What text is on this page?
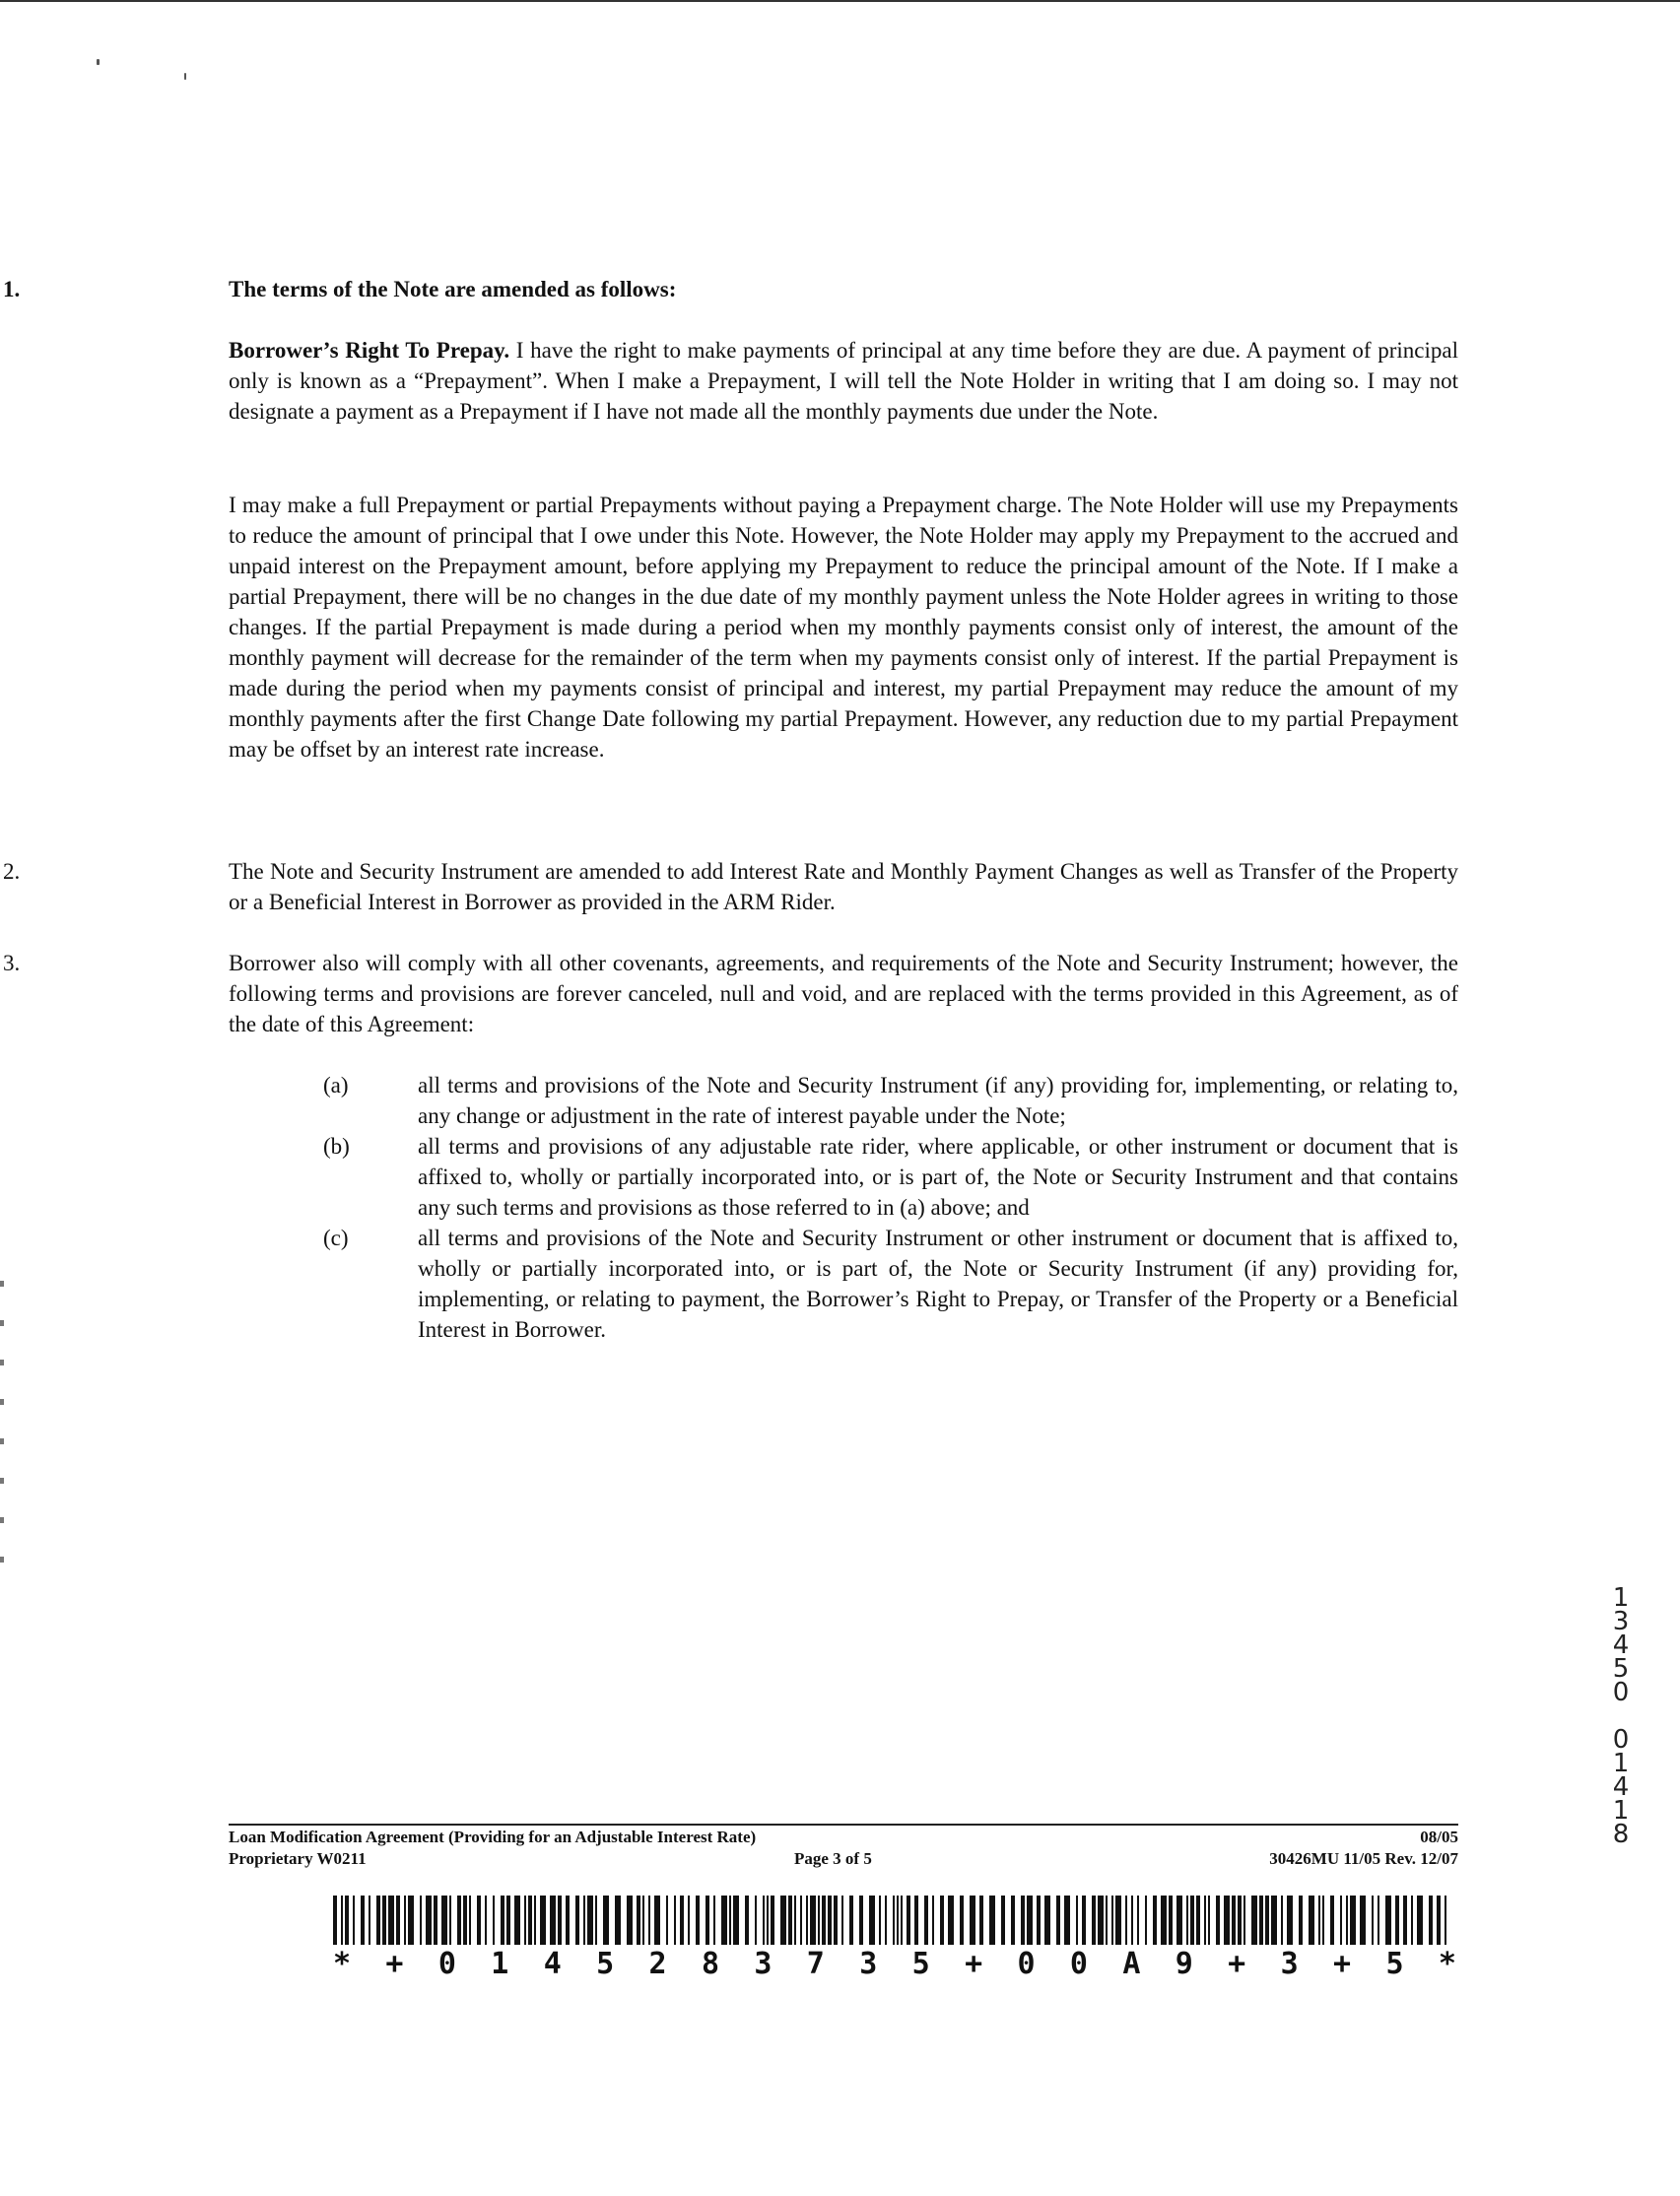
1.	The terms of the Note are amended as follows:

Borrower’s Right To Prepay. I have the right to make payments of principal at any time before they are due. A payment of principal only is known as a “Prepayment”. When I make a Prepayment, I will tell the Note Holder in writing that I am doing so. I may not designate a payment as a Prepayment if I have not made all the monthly payments due under the Note.

I may make a full Prepayment or partial Prepayments without paying a Prepayment charge. The Note Holder will use my Prepayments to reduce the amount of principal that I owe under this Note. However, the Note Holder may apply my Prepayment to the accrued and unpaid interest on the Prepayment amount, before applying my Prepayment to reduce the principal amount of the Note. If I make a partial Prepayment, there will be no changes in the due date of my monthly payment unless the Note Holder agrees in writing to those changes. If the partial Prepayment is made during a period when my monthly payments consist only of interest, the amount of the monthly payment will decrease for the remainder of the term when my payments consist only of interest. If the partial Prepayment is made during the period when my payments consist of principal and interest, my partial Prepayment may reduce the amount of my monthly payments after the first Change Date following my partial Prepayment. However, any reduction due to my partial Prepayment may be offset by an interest rate increase.

2.	The Note and Security Instrument are amended to add Interest Rate and Monthly Payment Changes as well as Transfer of the Property or a Beneficial Interest in Borrower as provided in the ARM Rider.

3.	Borrower also will comply with all other covenants, agreements, and requirements of the Note and Security Instrument; however, the following terms and provisions are forever canceled, null and void, and are replaced with the terms provided in this Agreement, as of the date of this Agreement:

(a)	all terms and provisions of the Note and Security Instrument (if any) providing for, implementing, or relating to, any change or adjustment in the rate of interest payable under the Note;

(b)	all terms and provisions of any adjustable rate rider, where applicable, or other instrument or document that is affixed to, wholly or partially incorporated into, or is part of, the Note or Security Instrument and that contains any such terms and provisions as those referred to in (a) above; and

(c)	all terms and provisions of the Note and Security Instrument or other instrument or document that is affixed to, wholly or partially incorporated into, or is part of, the Note or Security Instrument (if any) providing for, implementing, or relating to payment, the Borrower’s Right to Prepay, or Transfer of the Property or a Beneficial Interest in Borrower.

Loan Modification Agreement (Providing for an Adjustable Interest Rate)	08/05
Proprietary W0211	Page 3 of 5	30426MU 11/05 Rev. 12/07
* + 0 1 4 5 2 8 3 7 3 5 + 0 0 A 9 + 3 + 5 *
1
3
4
5
0

0
1
4
1
8
